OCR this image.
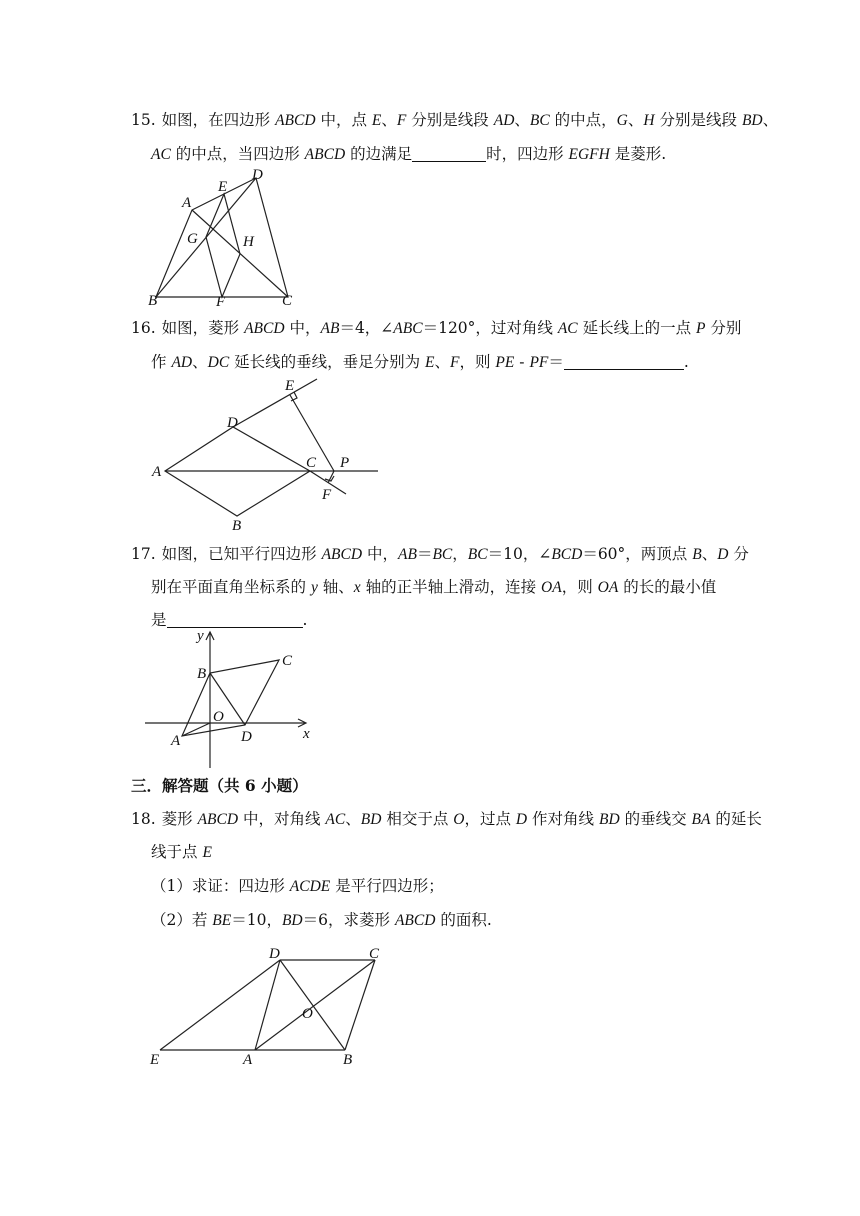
15. 如图，在四边形 ABCD 中，点 E、F 分别是线段 AD、BC 的中点，G、H 分别是线段 BD、
AC 的中点，当四边形 ABCD 的边满足	时，四边形 EGFH 是菱形.
A
B	C
D
E
F
G	H
16. 如图，菱形 ABCD 中，AB＝4，∠ABC＝120°，过对角线 AC 延长线上的一点 P 分别
作 AD、DC 延长线的垂线，垂足分别为 E、F，则 PE - PF＝	.
A
B
C
D
E
F
P
17. 如图，已知平行四边形 ABCD 中，AB＝BC，BC＝10，∠BCD＝60°，两顶点 B、D 分
别在平面直角坐标系的 y 轴、x 轴的正半轴上滑动，连接 OA，则 OA 的长的最小值
是	.
A
B
C
D
O
x
y
三．解答题（共 6 小题）
18. 菱形 ABCD 中，对角线 AC、BD 相交于点 O，过点 D 作对角线 BD 的垂线交 BA 的延长
线于点 E
（1）求证：四边形 ACDE 是平行四边形；
（2）若 BE＝10，BD＝6，求菱形 ABCD 的面积.
E	A	B
D	C
O
